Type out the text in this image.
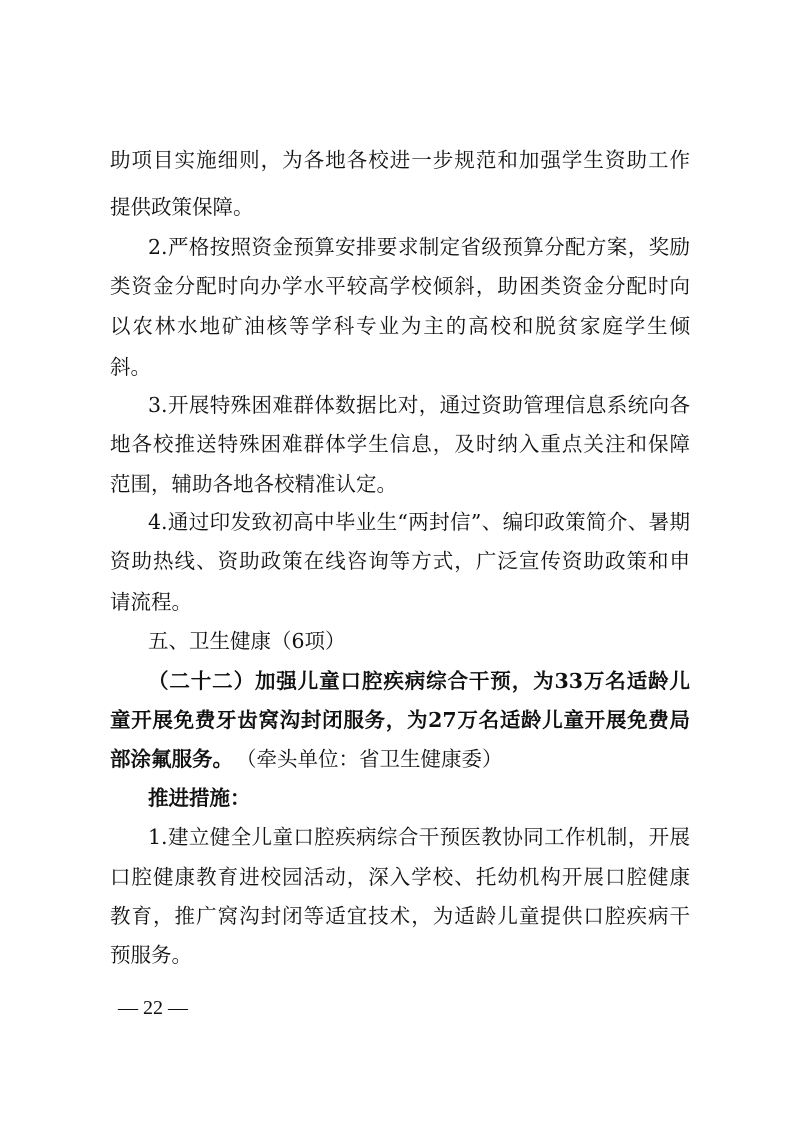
助项目实施细则，为各地各校进一步规范和加强学生资助工作
提供政策保障。
2.严格按照资金预算安排要求制定省级预算分配方案，奖励
类资金分配时向办学水平较高学校倾斜，助困类资金分配时向
以农林水地矿油核等学科专业为主的高校和脱贫家庭学生倾
斜。
3.开展特殊困难群体数据比对，通过资助管理信息系统向各
地各校推送特殊困难群体学生信息，及时纳入重点关注和保障
范围，辅助各地各校精准认定。
4.通过印发致初高中毕业生“两封信”、编印政策简介、暑期
资助热线、资助政策在线咨询等方式，广泛宣传资助政策和申
请流程。
五、卫生健康（6项）
（二十二）加强儿童口腔疾病综合干预，为33万名适龄儿
童开展免费牙齿窝沟封闭服务，为27万名适龄儿童开展免费局
部涂氟服务。 （牵头单位：省卫生健康委）
推进措施：
1.建立健全儿童口腔疾病综合干预医教协同工作机制，开展
口腔健康教育进校园活动，深入学校、托幼机构开展口腔健康
教育，推广窝沟封闭等适宜技术，为适龄儿童提供口腔疾病干
预服务。
— 22 —
